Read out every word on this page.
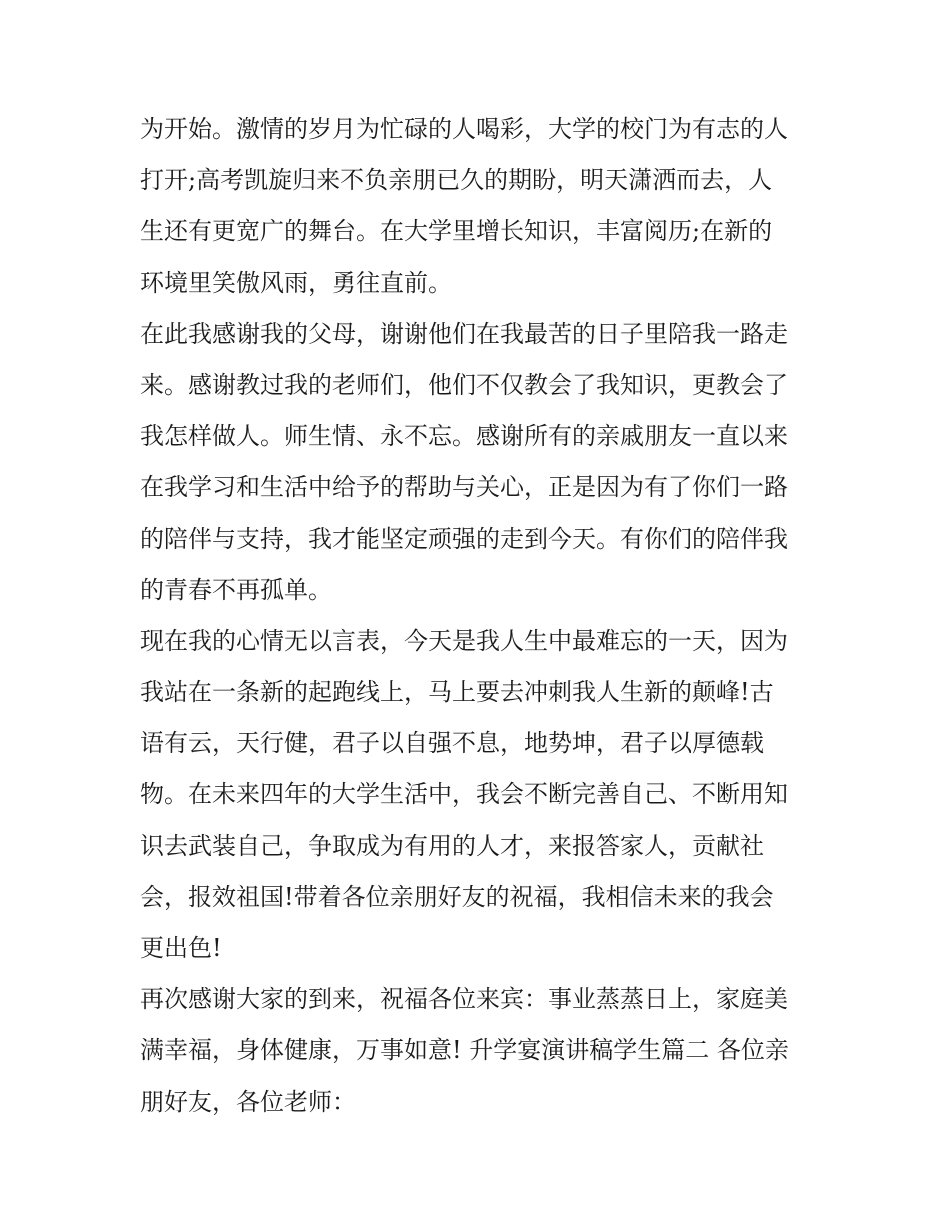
为开始。激情的岁月为忙碌的人喝彩，大学的校门为有志的人
打开;高考凯旋归来不负亲朋已久的期盼，明天潇洒而去，人
生还有更宽广的舞台。在大学里增长知识，丰富阅历;在新的
环境里笑傲风雨，勇往直前。
在此我感谢我的父母，谢谢他们在我最苦的日子里陪我一路走
来。感谢教过我的老师们，他们不仅教会了我知识，更教会了
我怎样做人。师生情、永不忘。感谢所有的亲戚朋友一直以来
在我学习和生活中给予的帮助与关心，正是因为有了你们一路
的陪伴与支持，我才能坚定顽强的走到今天。有你们的陪伴我
的青春不再孤单。
现在我的心情无以言表，今天是我人生中最难忘的一天，因为
我站在一条新的起跑线上，马上要去冲刺我人生新的颠峰!古
语有云，天行健，君子以自强不息，地势坤，君子以厚德载
物。在未来四年的大学生活中，我会不断完善自己、不断用知
识去武装自己，争取成为有用的人才，来报答家人，贡献社
会，报效祖国!带着各位亲朋好友的祝福，我相信未来的我会
更出色!
再次感谢大家的到来，祝福各位来宾：事业蒸蒸日上，家庭美
满幸福，身体健康，万事如意! 升学宴演讲稿学生篇二 各位亲
朋好友，各位老师：
